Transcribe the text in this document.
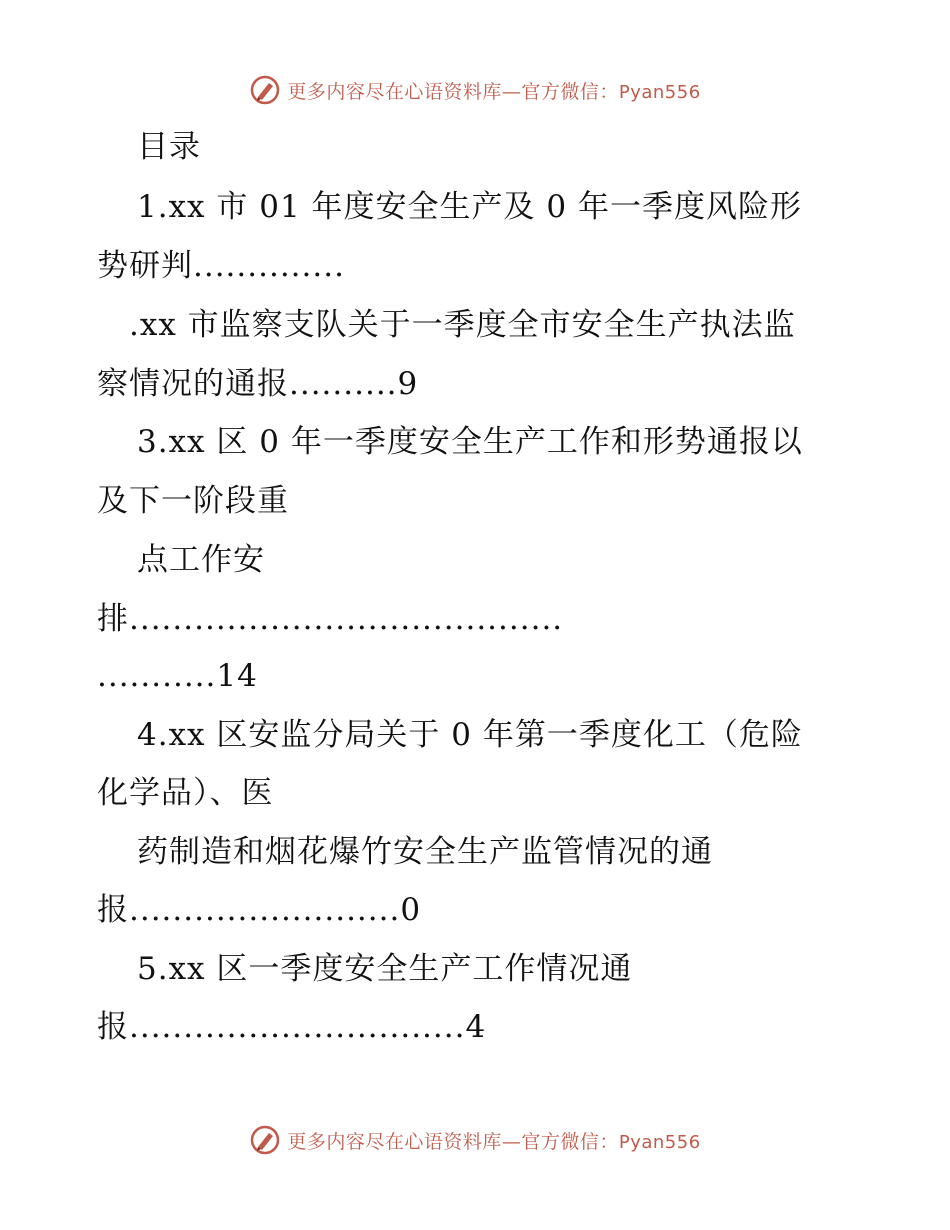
更多内容尽在心语资料库—官方微信：Pyan556
目录
1.xx 市 01 年度安全生产及 0 年一季度风险形
势研判..............
.xx 市监察支队关于一季度全市安全生产执法监
察情况的通报..........9
3.xx 区 0 年一季度安全生产工作和形势通报以
及下一阶段重
点工作安
排........................................
...........14
4.xx 区安监分局关于 0 年第一季度化工（危险
化学品）、医
药制造和烟花爆竹安全生产监管情况的通
报.........................0
5.xx 区一季度安全生产工作情况通
报...............................4
更多内容尽在心语资料库—官方微信：Pyan556
